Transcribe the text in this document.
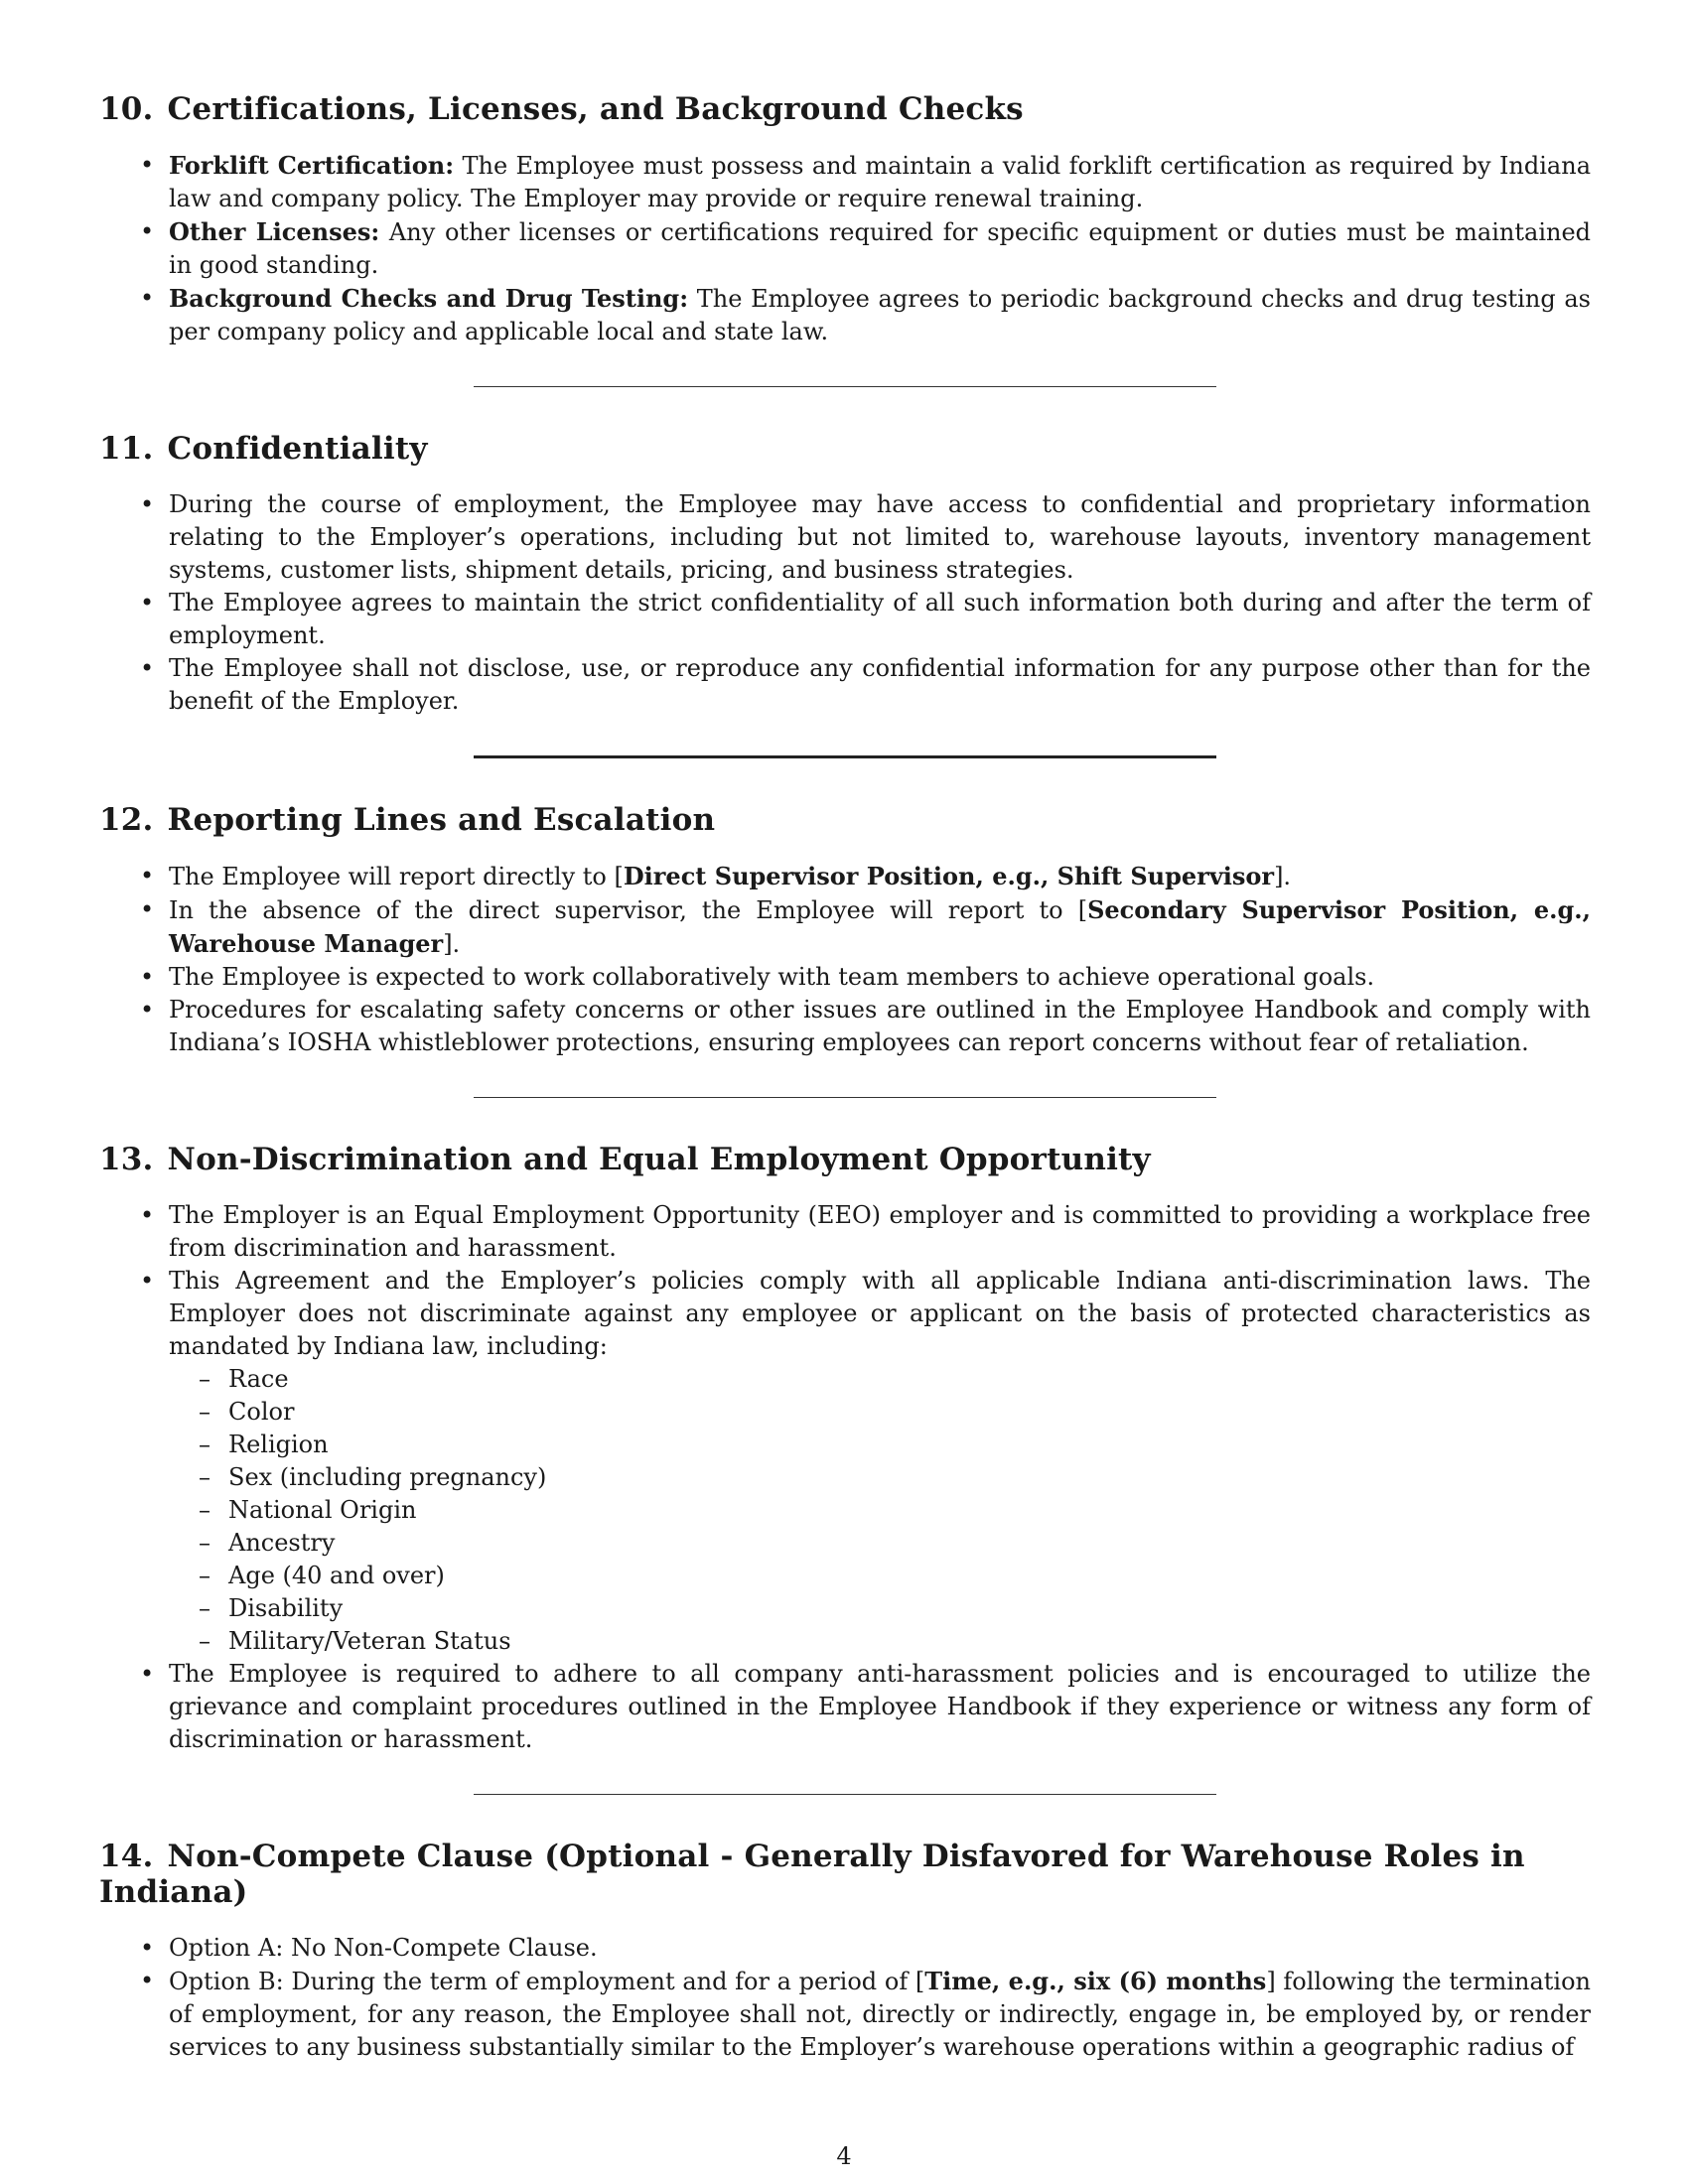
10. Certifications, Licenses, and Background Checks
• Forklift Certification: The Employee must possess and maintain a valid forklift certification as required by Indiana law and company policy. The Employer may provide or require renewal training.
• Other Licenses: Any other licenses or certifications required for specific equipment or duties must be maintained in good standing.
• Background Checks and Drug Testing: The Employee agrees to periodic background checks and drug testing as per company policy and applicable local and state law.
11. Confidentiality
• During the course of employment, the Employee may have access to confidential and proprietary information relating to the Employer’s operations, including but not limited to, warehouse layouts, inventory management systems, customer lists, shipment details, pricing, and business strategies.
• The Employee agrees to maintain the strict confidentiality of all such information both during and after the term of employment.
• The Employee shall not disclose, use, or reproduce any confidential information for any purpose other than for the benefit of the Employer.
12. Reporting Lines and Escalation
• The Employee will report directly to [Direct Supervisor Position, e.g., Shift Supervisor].
• In the absence of the direct supervisor, the Employee will report to [Secondary Supervisor Position, e.g., Warehouse Manager].
• The Employee is expected to work collaboratively with team members to achieve operational goals.
• Procedures for escalating safety concerns or other issues are outlined in the Employee Handbook and comply with Indiana’s IOSHA whistleblower protections, ensuring employees can report concerns without fear of retaliation.
13. Non-Discrimination and Equal Employment Opportunity
• The Employer is an Equal Employment Opportunity (EEO) employer and is committed to providing a workplace free from discrimination and harassment.
• This Agreement and the Employer’s policies comply with all applicable Indiana anti-discrimination laws. The Employer does not discriminate against any employee or applicant on the basis of protected characteristics as mandated by Indiana law, including:
– Race
– Color
– Religion
– Sex (including pregnancy)
– National Origin
– Ancestry
– Age (40 and over)
– Disability
– Military/Veteran Status
• The Employee is required to adhere to all company anti-harassment policies and is encouraged to utilize the grievance and complaint procedures outlined in the Employee Handbook if they experience or witness any form of discrimination or harassment.
14. Non-Compete Clause (Optional - Generally Disfavored for Warehouse Roles in Indiana)
• Option A: No Non-Compete Clause.
• Option B: During the term of employment and for a period of [Time, e.g., six (6) months] following the termination of employment, for any reason, the Employee shall not, directly or indirectly, engage in, be employed by, or render services to any business substantially similar to the Employer’s warehouse operations within a geographic radius of
4
